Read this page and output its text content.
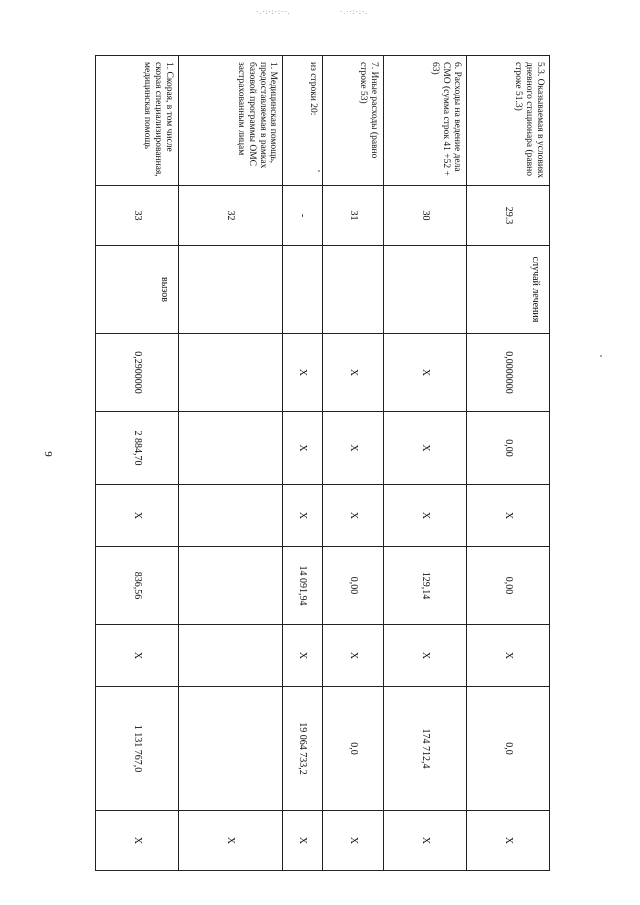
·.·:·:·:··.	·.··:·:·.
9
5.3. Оказываемая в условиях дневного стационара (равно строке 51.3)	29.3	случай лечения	0,0000000	0,00	X	0,00	X	0,0	X
6. Расходы на ведение дела СМО (сумма строк 41 +52 + 63)	30		X	X	X	129,14	X	174 712,4	X
7. Иные расходы (равно строке 53)	31		X	X	X	0,00	X	0,0	X
из строки 20:	-		X	X	X	14 091,94	X	19 064 733,2	X
1. Медицинская помощь, предоставляемая в рамках базовой программы ОМС застрахованным лицам	32								X
1. Скорая, в том числе скорая специализированная, медицинская помощь	33	вызов	0,2900000	2 884,70	X	836,56	X	1 131 767,0	X
